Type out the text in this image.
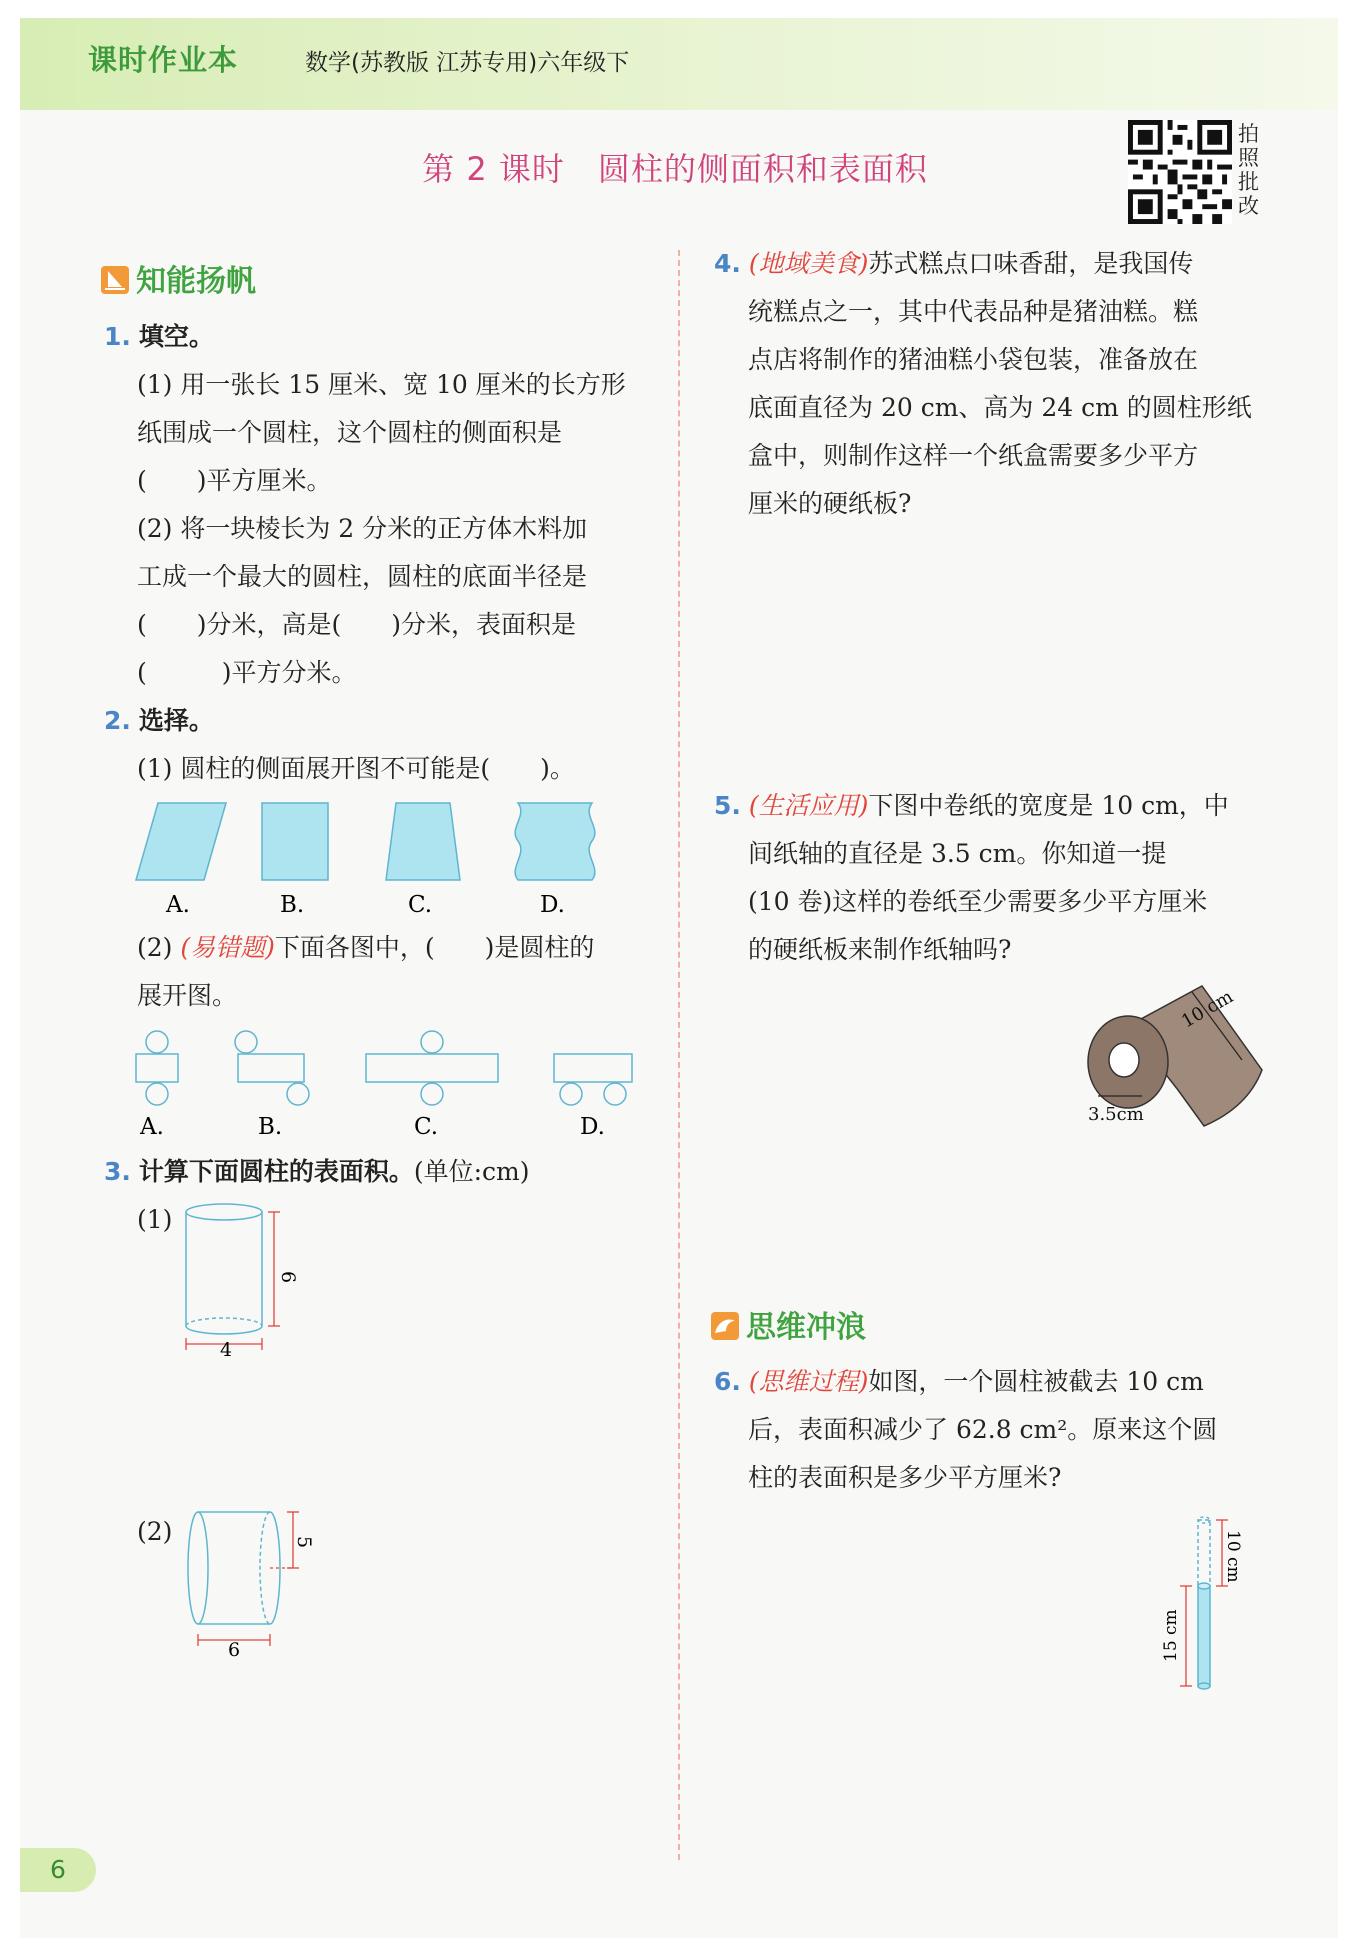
课时作业本	数学(苏教版 江苏专用)六年级下
第 2 课时　圆柱的侧面积和表面积
拍照批改
知能扬帆
1. 填空。
(1) 用一张长 15 厘米、宽 10 厘米的长方形
纸围成一个圆柱，这个圆柱的侧面积是
(　　)平方厘米。
(2) 将一块棱长为 2 分米的正方体木料加
工成一个最大的圆柱，圆柱的底面半径是
(　　)分米，高是(　　)分米，表面积是
(　　　)平方分米。
2. 选择。
(1) 圆柱的侧面展开图不可能是(　　)。
A.	B.	C.	D.
(2) (易错题)下面各图中，(　　)是圆柱的
展开图。
A.	B.	C.	D.
3. 计算下面圆柱的表面积。(单位:cm)
(1)
6
4
(2)	5
6
4. (地域美食)苏式糕点口味香甜，是我国传
统糕点之一，其中代表品种是猪油糕。糕
点店将制作的猪油糕小袋包装，准备放在
底面直径为 20 cm、高为 24 cm 的圆柱形纸
盒中，则制作这样一个纸盒需要多少平方
厘米的硬纸板?
5. (生活应用)下图中卷纸的宽度是 10 cm，中
间纸轴的直径是 3.5 cm。你知道一提
(10 卷)这样的卷纸至少需要多少平方厘米
的硬纸板来制作纸轴吗?
10 cm
3.5cm
思维冲浪
6. (思维过程)如图，一个圆柱被截去 10 cm
后，表面积减少了 62.8 cm²。原来这个圆
柱的表面积是多少平方厘米?
10 cm
15 cm
6
